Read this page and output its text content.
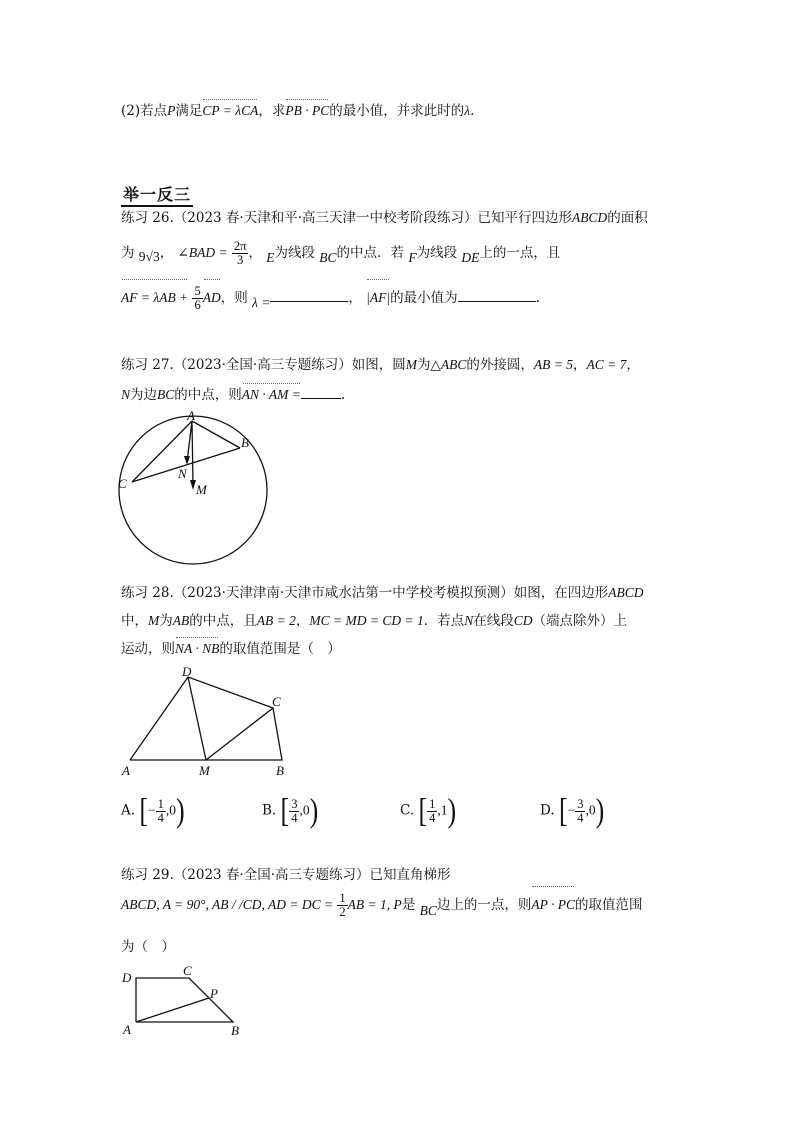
(2)若点P满足CP = λCA，求PB · PC的最小值，并求此时的λ.
举一反三
练习 26.（2023 春·天津和平·高三天津一中校考阶段练习）已知平行四边形ABCD的面积
为 9√3， ∠BAD = $\frac{2\pi}{3}$ ， E为线段 BC的中点．若 F为线段 DE上的一点，且
AF = $\lambda AB + \frac{5}{6}$ AD，则 λ =	， |AF|的最小值为	.
练习 27.（2023·全国·高三专题练习）如图，圆M为△ABC的外接圆，AB = 5，AC = 7，
N为边BC的中点，则AN · AM =	.
A
B
C
N
M
练习 28.（2023·天津津南·天津市咸水沽第一中学校考模拟预测）如图，在四边形ABCD
中，M为AB的中点，且AB = 2，MC = MD = CD = 1．若点N在线段CD（端点除外）上
运动，则NA · NB的取值范围是（　）
A	M	B
C
D
A. [− $\frac{1}{4} ,0$)	B. [ $\frac{3}{4} ,0$)	C. [ $\frac{1}{4} ,1$)	D. [− $\frac{3}{4} ,0$)
练习 29.（2023 春·全国·高三专题练习）已知直角梯形
ABCD, A = 90°, AB / /CD, AD = DC = $\frac{1}{2}$ AB = 1, P是 BC边上的一点，则AP · PC的取值范围
为（　）
D	C
P
A	B
